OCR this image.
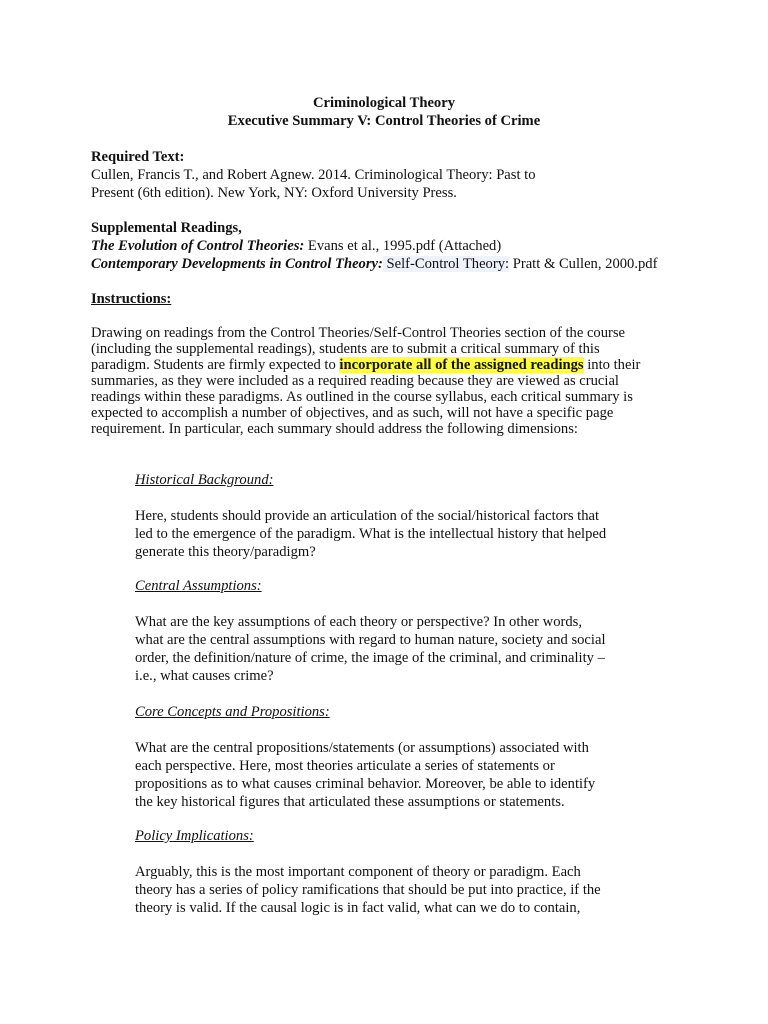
Criminological Theory
Executive Summary V: Control Theories of Crime
Required Text:
Cullen, Francis T., and Robert Agnew. 2014. Criminological Theory: Past to
Present (6th edition). New York, NY: Oxford University Press.
Supplemental Readings,
The Evolution of Control Theories: Evans et al., 1995.pdf (Attached)
Contemporary Developments in Control Theory: Self-Control Theory: Pratt & Cullen, 2000.pdf
Instructions:
Drawing on readings from the Control Theories/Self-Control Theories section of the course
(including the supplemental readings), students are to submit a critical summary of this
paradigm. Students are firmly expected to incorporate all of the assigned readings into their
summaries, as they were included as a required reading because they are viewed as crucial
readings within these paradigms. As outlined in the course syllabus, each critical summary is
expected to accomplish a number of objectives, and as such, will not have a specific page
requirement. In particular, each summary should address the following dimensions:
Historical Background:
Here, students should provide an articulation of the social/historical factors that
led to the emergence of the paradigm. What is the intellectual history that helped
generate this theory/paradigm?
Central Assumptions:
What are the key assumptions of each theory or perspective? In other words,
what are the central assumptions with regard to human nature, society and social
order, the definition/nature of crime, the image of the criminal, and criminality –
i.e., what causes crime?
Core Concepts and Propositions:
What are the central propositions/statements (or assumptions) associated with
each perspective. Here, most theories articulate a series of statements or
propositions as to what causes criminal behavior. Moreover, be able to identify
the key historical figures that articulated these assumptions or statements.
Policy Implications:
Arguably, this is the most important component of theory or paradigm. Each
theory has a series of policy ramifications that should be put into practice, if the
theory is valid. If the causal logic is in fact valid, what can we do to contain,
